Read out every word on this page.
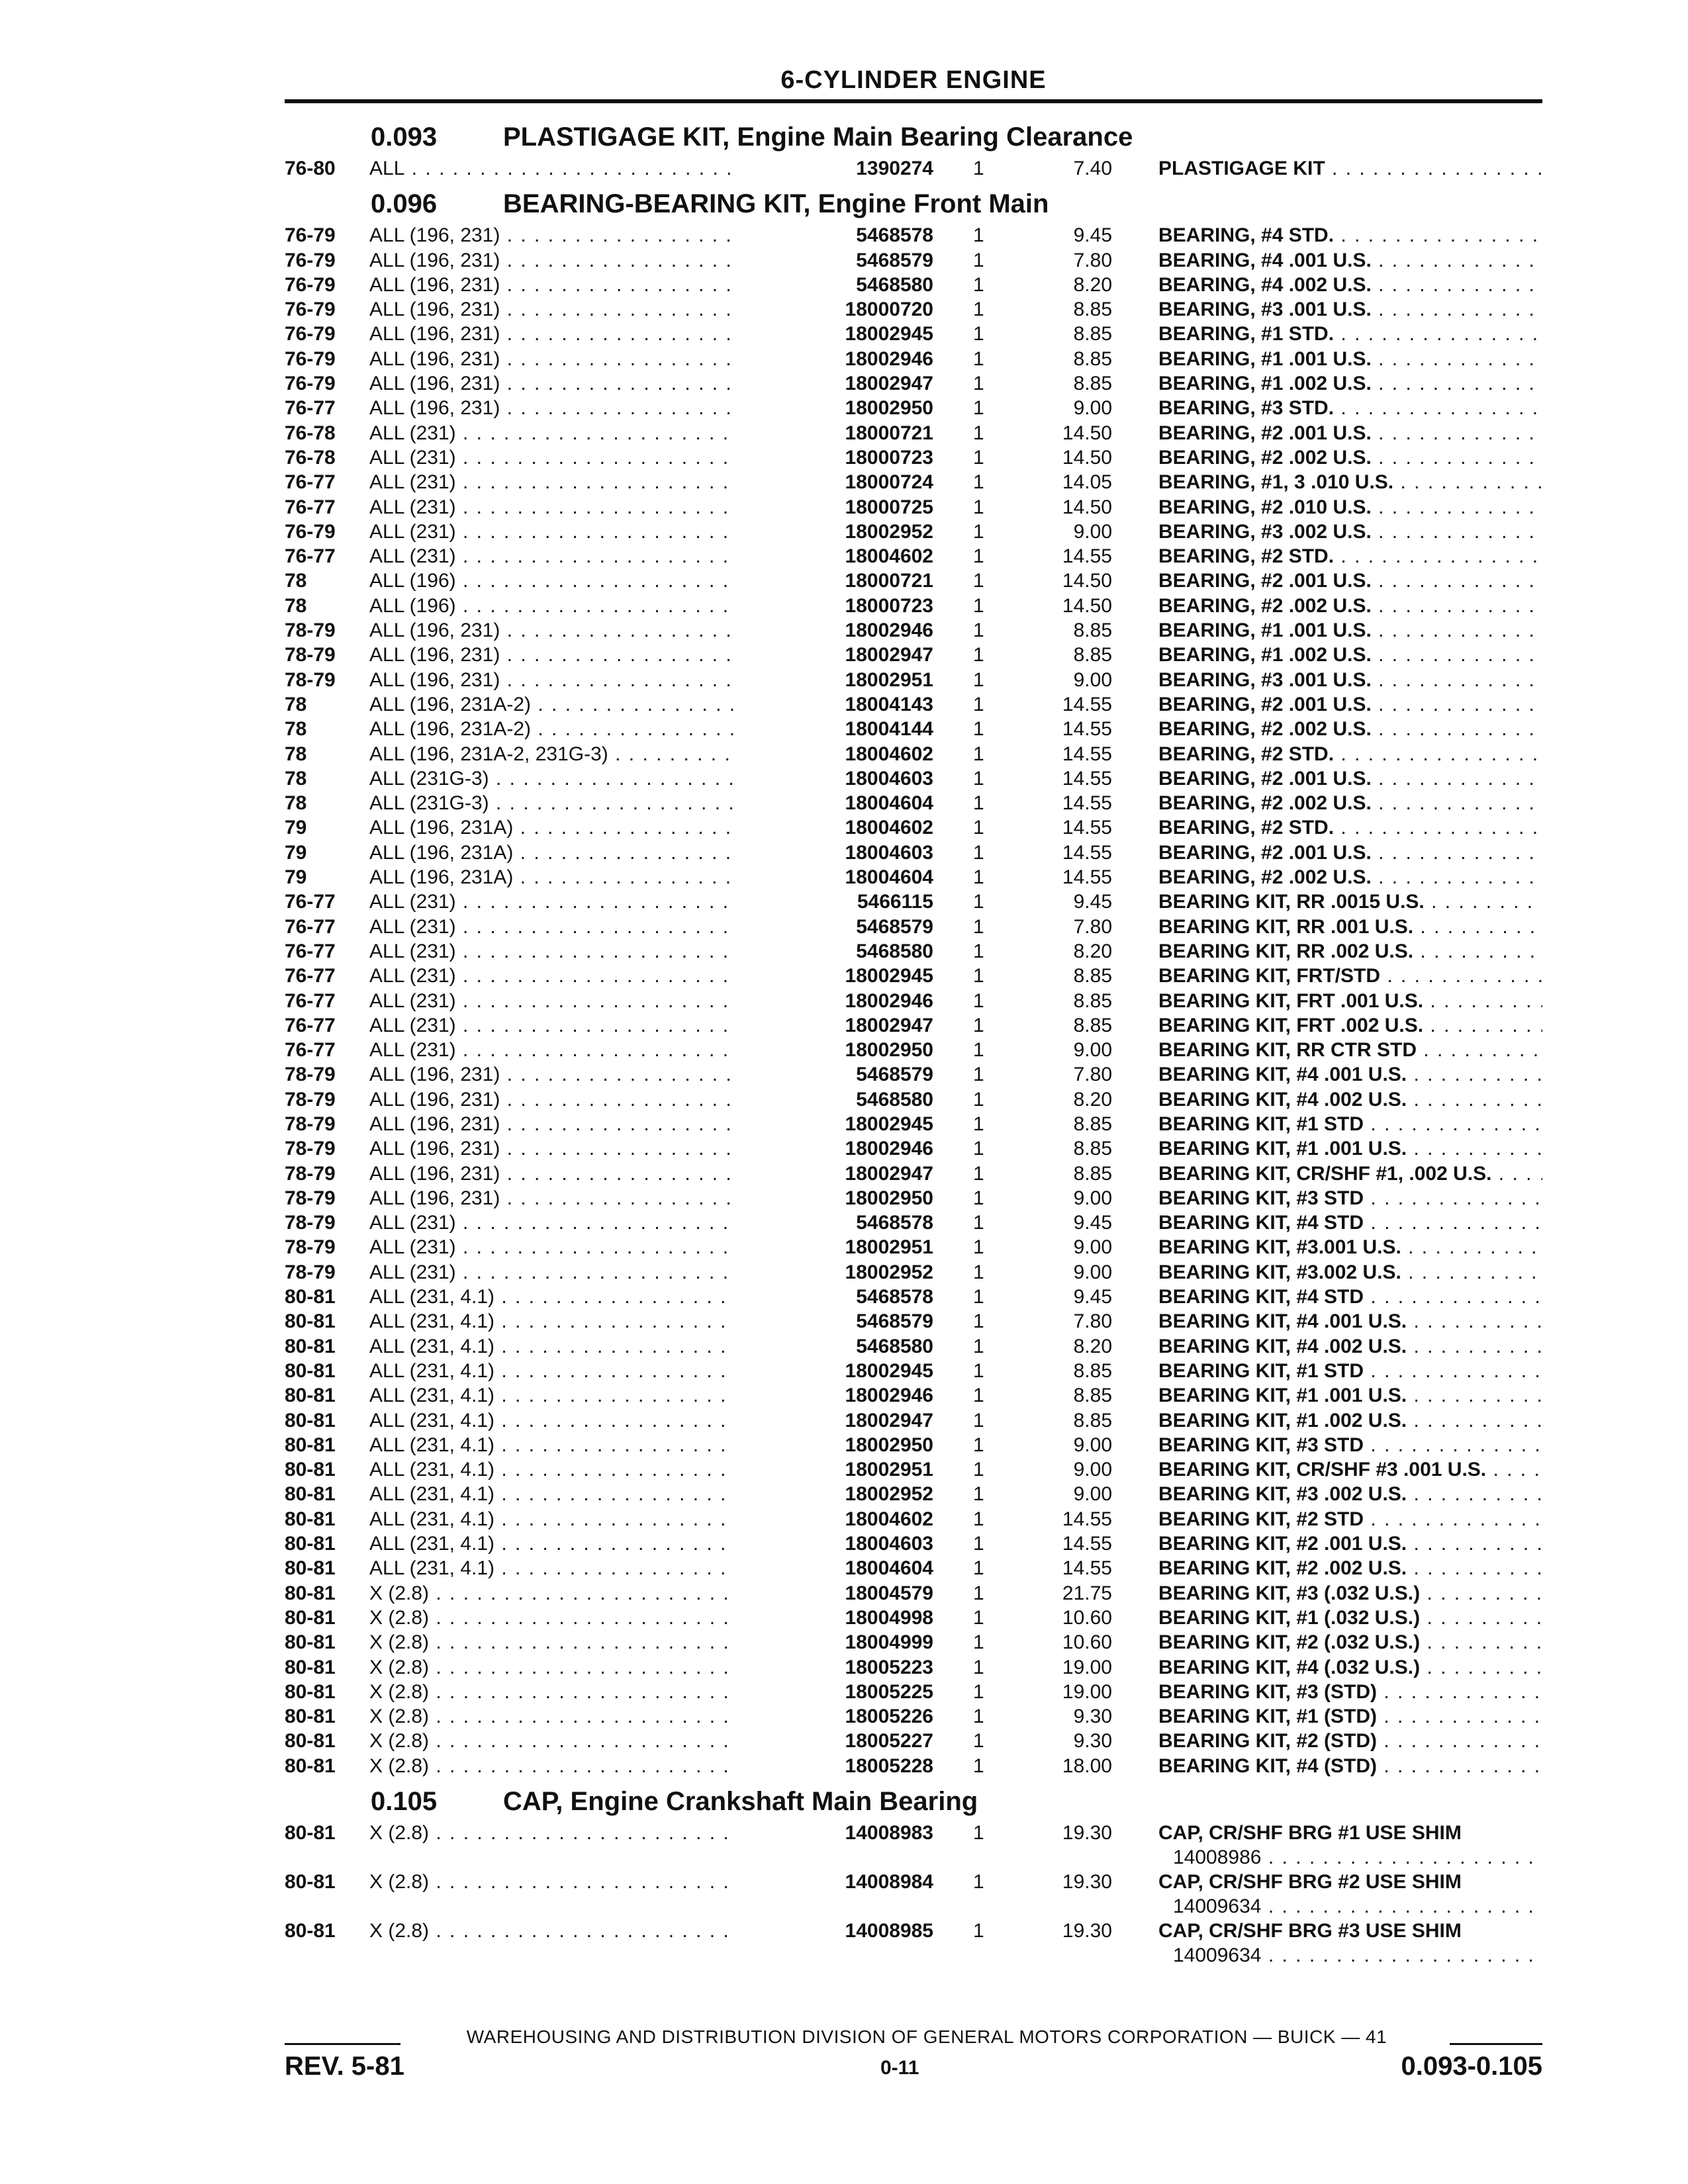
6-CYLINDER ENGINE
0.093 PLASTIGAGE KIT, Engine Main Bearing Clearance
76-80	ALL . . .	1390274 1	7.40 PLASTIGAGE KIT . . .
0.096 BEARING-BEARING KIT, Engine Front Main
76-79	ALL (196, 231) . . .	5468578 1	9.45 BEARING, #4 STD. . . .
76-79	ALL (196, 231) . . .	5468579 1	7.80 BEARING, #4 .001 U.S. . . .
76-79	ALL (196, 231) . . .	5468580 1	8.20 BEARING, #4 .002 U.S. . . .
76-79	ALL (196, 231) . . .	18000720 1	8.85 BEARING, #3 .001 U.S. . . .
76-79	ALL (196, 231) . . .	18002945 1	8.85 BEARING, #1 STD. . . .
76-79	ALL (196, 231) . . .	18002946 1	8.85 BEARING, #1 .001 U.S. . . .
76-79	ALL (196, 231) . . .	18002947 1	8.85 BEARING, #1 .002 U.S. . . .
76-77	ALL (196, 231) . . .	18002950 1	9.00 BEARING, #3 STD. . . .
76-78	ALL (231) . . .	18000721 1	14.50 BEARING, #2 .001 U.S. . . .
76-78	ALL (231) . . .	18000723 1	14.50 BEARING, #2 .002 U.S. . . .
76-77	ALL (231) . . .	18000724 1	14.05 BEARING, #1, 3 .010 U.S. . . .
76-77	ALL (231) . . .	18000725 1	14.50 BEARING, #2 .010 U.S. . . .
76-79	ALL (231) . . .	18002952 1	9.00 BEARING, #3 .002 U.S. . . .
76-77	ALL (231) . . .	18004602 1	14.55 BEARING, #2 STD. . . .
78	ALL (196) . . .	18000721 1	14.50 BEARING, #2 .001 U.S. . . .
78	ALL (196) . . .	18000723 1	14.50 BEARING, #2 .002 U.S. . . .
78-79	ALL (196, 231) . . .	18002946 1	8.85 BEARING, #1 .001 U.S. . . .
78-79	ALL (196, 231) . . .	18002947 1	8.85 BEARING, #1 .002 U.S. . . .
78-79	ALL (196, 231) . . .	18002951 1	9.00 BEARING, #3 .001 U.S. . . .
78	ALL (196, 231A-2) . . .	18004143 1	14.55 BEARING, #2 .001 U.S. . . .
78	ALL (196, 231A-2) . . .	18004144 1	14.55 BEARING, #2 .002 U.S. . . .
78	ALL (196, 231A-2, 231G-3) . . .	18004602 1	14.55 BEARING, #2 STD. . . .
78	ALL (231G-3) . . .	18004603 1	14.55 BEARING, #2 .001 U.S. . . .
78	ALL (231G-3) . . .	18004604 1	14.55 BEARING, #2 .002 U.S. . . .
79	ALL (196, 231A) . . .	18004602 1	14.55 BEARING, #2 STD. . . .
79	ALL (196, 231A) . . .	18004603 1	14.55 BEARING, #2 .001 U.S. . . .
79	ALL (196, 231A) . . .	18004604 1	14.55 BEARING, #2 .002 U.S. . . .
76-77	ALL (231) . . .	5466115 1	9.45 BEARING KIT, RR .0015 U.S. . . .
76-77	ALL (231) . . .	5468579 1	7.80 BEARING KIT, RR .001 U.S. . . .
76-77	ALL (231) . . .	5468580 1	8.20 BEARING KIT, RR .002 U.S. . . .
76-77	ALL (231) . . .	18002945 1	8.85 BEARING KIT, FRT/STD . . .
76-77	ALL (231) . . .	18002946 1	8.85 BEARING KIT, FRT .001 U.S. . . .
76-77	ALL (231) . . .	18002947 1	8.85 BEARING KIT, FRT .002 U.S. . . .
76-77	ALL (231) . . .	18002950 1	9.00 BEARING KIT, RR CTR STD . . .
78-79	ALL (196, 231) . . .	5468579 1	7.80 BEARING KIT, #4 .001 U.S. . . .
78-79	ALL (196, 231) . . .	5468580 1	8.20 BEARING KIT, #4 .002 U.S. . . .
78-79	ALL (196, 231) . . .	18002945 1	8.85 BEARING KIT, #1 STD . . .
78-79	ALL (196, 231) . . .	18002946 1	8.85 BEARING KIT, #1 .001 U.S. . . .
78-79	ALL (196, 231) . . .	18002947 1	8.85 BEARING KIT, CR/SHF #1, .002 U.S. . . .
78-79	ALL (196, 231) . . .	18002950 1	9.00 BEARING KIT, #3 STD . . .
78-79	ALL (231) . . .	5468578 1	9.45 BEARING KIT, #4 STD . . .
78-79	ALL (231) . . .	18002951 1	9.00 BEARING KIT, #3.001 U.S. . . .
78-79	ALL (231) . . .	18002952 1	9.00 BEARING KIT, #3.002 U.S. . . .
80-81	ALL (231, 4.1) . . .	5468578 1	9.45 BEARING KIT, #4 STD . . .
80-81	ALL (231, 4.1) . . .	5468579 1	7.80 BEARING KIT, #4 .001 U.S. . . .
80-81	ALL (231, 4.1) . . .	5468580 1	8.20 BEARING KIT, #4 .002 U.S. . . .
80-81	ALL (231, 4.1) . . .	18002945 1	8.85 BEARING KIT, #1 STD . . .
80-81	ALL (231, 4.1) . . .	18002946 1	8.85 BEARING KIT, #1 .001 U.S. . . .
80-81	ALL (231, 4.1) . . .	18002947 1	8.85 BEARING KIT, #1 .002 U.S. . . .
80-81	ALL (231, 4.1) . . .	18002950 1	9.00 BEARING KIT, #3 STD . . .
80-81	ALL (231, 4.1) . . .	18002951 1	9.00 BEARING KIT, CR/SHF #3 .001 U.S. . . .
80-81	ALL (231, 4.1) . . .	18002952 1	9.00 BEARING KIT, #3 .002 U.S. . . .
80-81	ALL (231, 4.1) . . .	18004602 1	14.55 BEARING KIT, #2 STD . . .
80-81	ALL (231, 4.1) . . .	18004603 1	14.55 BEARING KIT, #2 .001 U.S. . . .
80-81	ALL (231, 4.1) . . .	18004604 1	14.55 BEARING KIT, #2 .002 U.S. . . .
80-81	X (2.8) . . .	18004579 1	21.75 BEARING KIT, #3 (.032 U.S.) . . .
80-81	X (2.8) . . .	18004998 1	10.60 BEARING KIT, #1 (.032 U.S.) . . .
80-81	X (2.8) . . .	18004999 1	10.60 BEARING KIT, #2 (.032 U.S.) . . .
80-81	X (2.8) . . .	18005223 1	19.00 BEARING KIT, #4 (.032 U.S.) . . .
80-81	X (2.8) . . .	18005225 1	19.00 BEARING KIT, #3 (STD) . . .
80-81	X (2.8) . . .	18005226 1	9.30 BEARING KIT, #1 (STD) . . .
80-81	X (2.8) . . .	18005227 1	9.30 BEARING KIT, #2 (STD) . . .
80-81	X (2.8) . . .	18005228 1	18.00 BEARING KIT, #4 (STD) . . .
0.105 CAP, Engine Crankshaft Main Bearing
80-81	X (2.8) . . .	14008983 1	19.30 CAP, CR/SHF BRG #1 USE SHIM
14008986 . . .
80-81	X (2.8) . . .	14008984 1	19.30 CAP, CR/SHF BRG #2 USE SHIM
14009634 . . .
80-81	X (2.8) . . .	14008985 1	19.30 CAP, CR/SHF BRG #3 USE SHIM
14009634 . . .
WAREHOUSING AND DISTRIBUTION DIVISION OF GENERAL MOTORS CORPORATION — BUICK — 41
REV. 5-81	0-11	0.093-0.105
